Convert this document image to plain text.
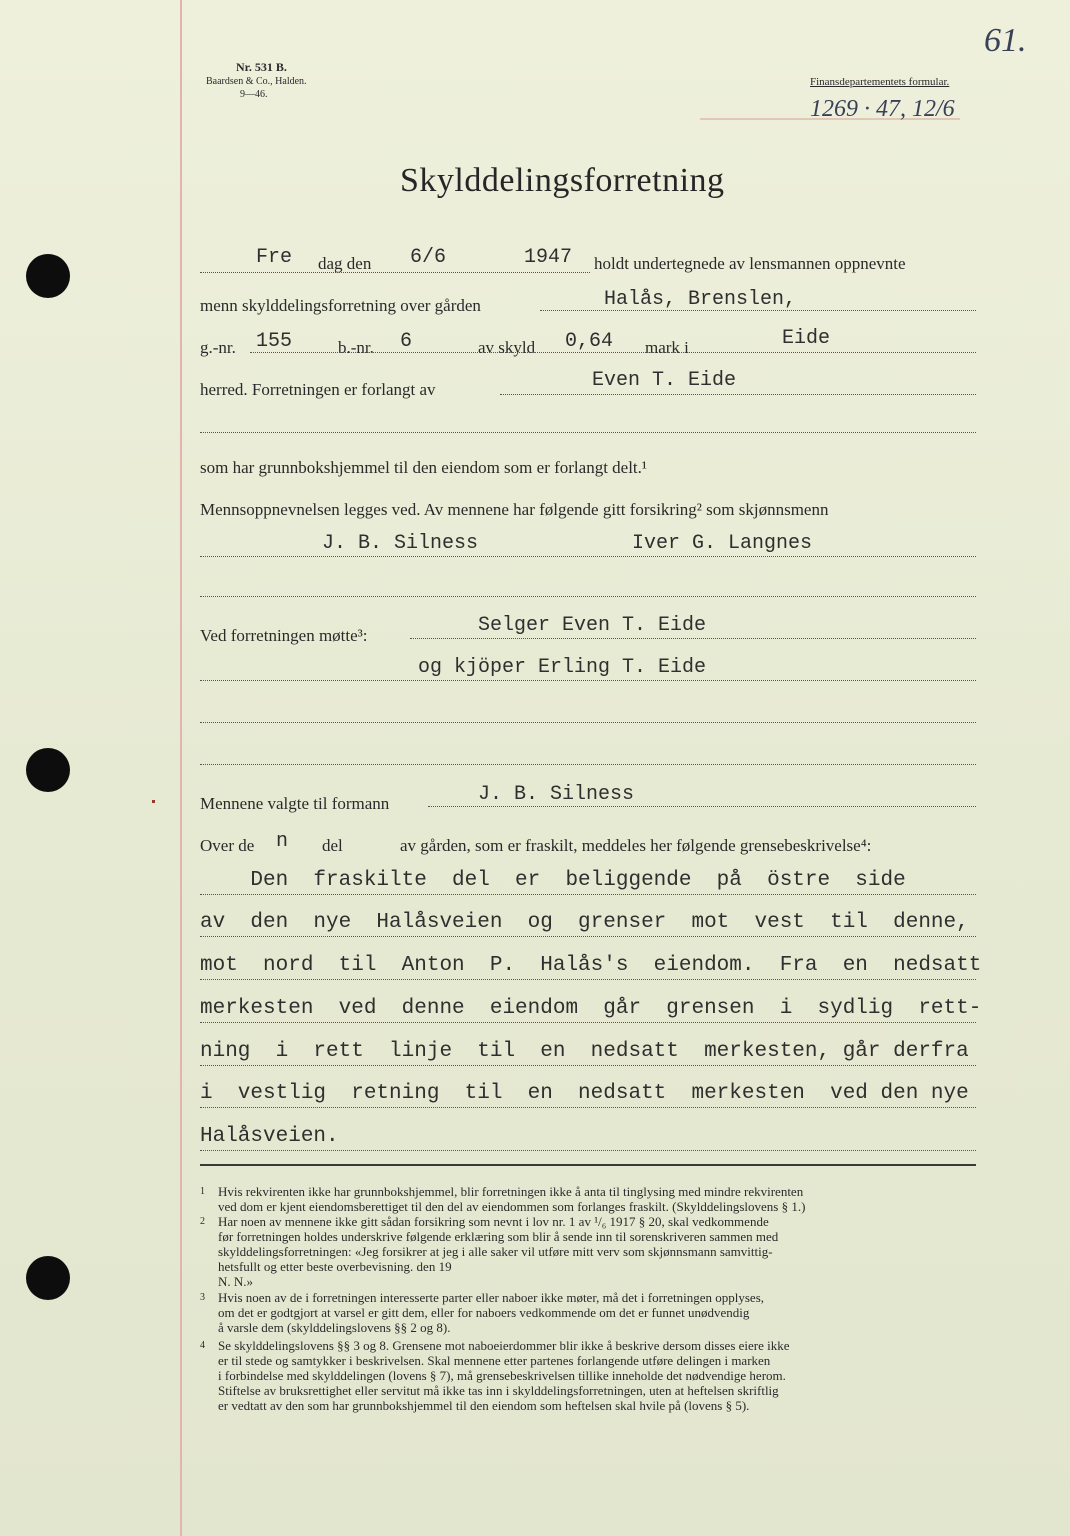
Nr. 531 B.
Baardsen & Co., Halden.
9—46.
Finansdepartementets formular.
61.
1269 · 47, 12/6
Skylddelingsforretning
Fre dag den 6/6	1947 holdt undertegnede av lensmannen oppnevnte
menn skylddelingsforretning over gården	Halås, Brenslen,
g.-nr. 155	b.-nr. 6	av skyld 0,64 mark i	Eide
herred. Forretningen er forlangt av	Even T. Eide
som har grunnbokshjemmel til den eiendom som er forlangt delt.¹
Mennsoppnevnelsen legges ved. Av mennene har følgende gitt forsikring² som skjønnsmenn
J. B. Silness	Iver G. Langnes
Ved forretningen møtte³:	Selger Even T. Eide
og kjöper Erling T. Eide
Mennene valgte til formann	J. B. Silness
Over de n del	av gården, som er fraskilt, meddeles her følgende grensebeskrivelse⁴:
Den  fraskilte  del  er  beliggende  på  östre  side
av  den  nye  Halåsveien  og  grenser  mot  vest  til  denne,
mot  nord  til  Anton  P.  Halås's  eiendom.  Fra  en  nedsatt
merkesten  ved  denne  eiendom  går  grensen  i  sydlig  rett-
ning  i  rett  linje  til  en  nedsatt  merkesten, går derfra
i  vestlig  retning  til  en  nedsatt  merkesten  ved den nye
Halåsveien.
1 Hvis rekvirenten ikke har grunnbokshjemmel, blir forretningen ikke å anta til tinglysing med mindre rekvirenten
ved dom er kjent eiendomsberettiget til den del av eiendommen som forlanges fraskilt. (Skylddelingslovens § 1.)
2 Har noen av mennene ikke gitt sådan forsikring som nevnt i lov nr. 1 av ¹/₆ 1917 § 20, skal vedkommende
før forretningen holdes underskrive følgende erklæring som blir å sende inn til sorenskriveren sammen med
skylddelingsforretningen: «Jeg forsikrer at jeg i alle saker vil utføre mitt verv som skjønnsmann samvittig-
hetsfullt og etter beste overbevisning. den 19
N. N.»
3 Hvis noen av de i forretningen interesserte parter eller naboer ikke møter, må det i forretningen opplyses,
om det er godtgjort at varsel er gitt dem, eller for naboers vedkommende om det er funnet unødvendig
å varsle dem (skylddelingslovens §§ 2 og 8).
4 Se skylddelingslovens §§ 3 og 8. Grensene mot naboeierdommer blir ikke å beskrive dersom disses eiere ikke
er til stede og samtykker i beskrivelsen. Skal mennene etter partenes forlangende utføre delingen i marken
i forbindelse med skylddelingen (lovens § 7), må grensebeskrivelsen tillike inneholde det nødvendige herom.
Stiftelse av bruksrettighet eller servitut må ikke tas inn i skylddelingsforretningen, uten at heftelsen skriftlig
er vedtatt av den som har grunnbokshjemmel til den eiendom som heftelsen skal hvile på (lovens § 5).
